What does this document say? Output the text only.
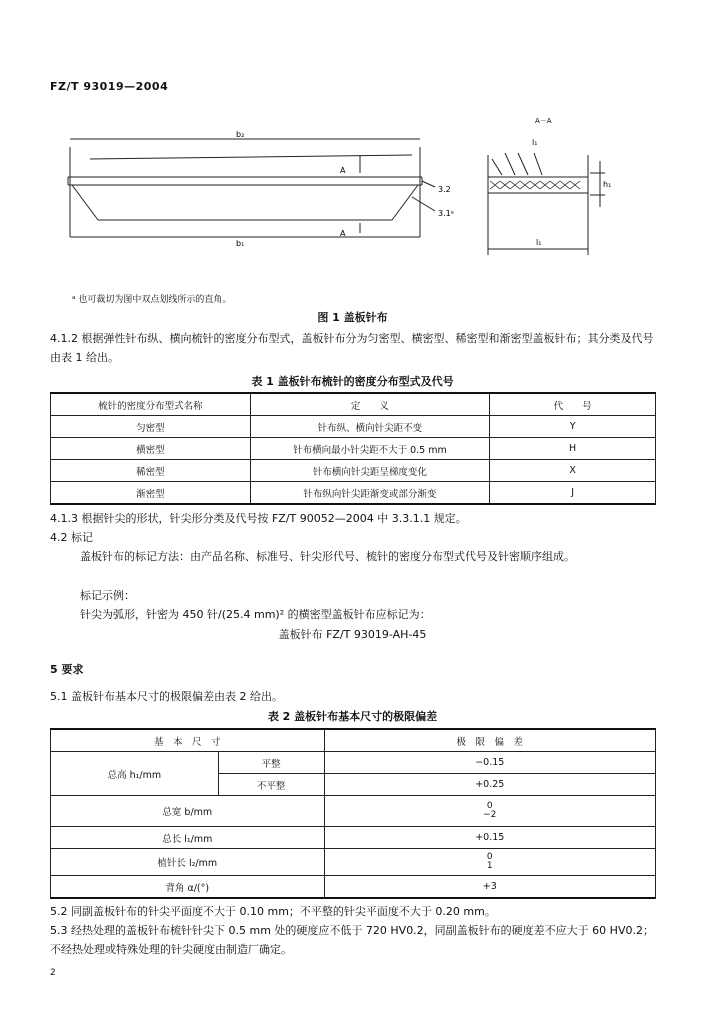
FZ/T 93019—2004
b₂
b₁
A
A
3.2
3.1ᵃ
A－A
l₁
l₁
h₁
ᵃ 也可裁切为图中双点划线所示的直角。
图 1 盖板针布
4.1.2 根据弹性针布纵、横向梳针的密度分布型式，盖板针布分为匀密型、横密型、稀密型和渐密型盖板针布；其分类及代号由表 1 给出。
表 1 盖板针布梳针的密度分布型式及代号
梳针的密度分布型式名称	定　　义	代　　号
匀密型	针布纵、横向针尖距不变	Y
横密型	针布横向最小针尖距不大于 0.5 mm	H
稀密型	针布横向针尖距呈梯度变化	X
渐密型	针布纵向针尖距渐变或部分渐变	J
4.1.3 根据针尖的形状，针尖形分类及代号按 FZ/T 90052—2004 中 3.3.1.1 规定。
4.2 标记
盖板针布的标记方法：由产品名称、标准号、针尖形代号、梳针的密度分布型式代号及针密顺序组成。
标记示例：
针尖为弧形，针密为 450 针/(25.4 mm)² 的横密型盖板针布应标记为：
盖板针布 FZ/T 93019-AH-45
5 要求
5.1 盖板针布基本尺寸的极限偏差由表 2 给出。
表 2 盖板针布基本尺寸的极限偏差
基　本　尺　寸		极　限　偏　差
总高 h₁/mm	平整	−0.15
	不平整	+0.25
总宽 b/mm		0
−2
总长 l₁/mm		+0.15
植针长 l₂/mm		0
1
背角 α/(°)		+3
5.2 同副盖板针布的针尖平面度不大于 0.10 mm；不平整的针尖平面度不大于 0.20 mm。
5.3 经热处理的盖板针布梳针针尖下 0.5 mm 处的硬度应不低于 720 HV0.2，同副盖板针布的硬度差不应大于 60 HV0.2；不经热处理或特殊处理的针尖硬度由制造厂确定。
2
